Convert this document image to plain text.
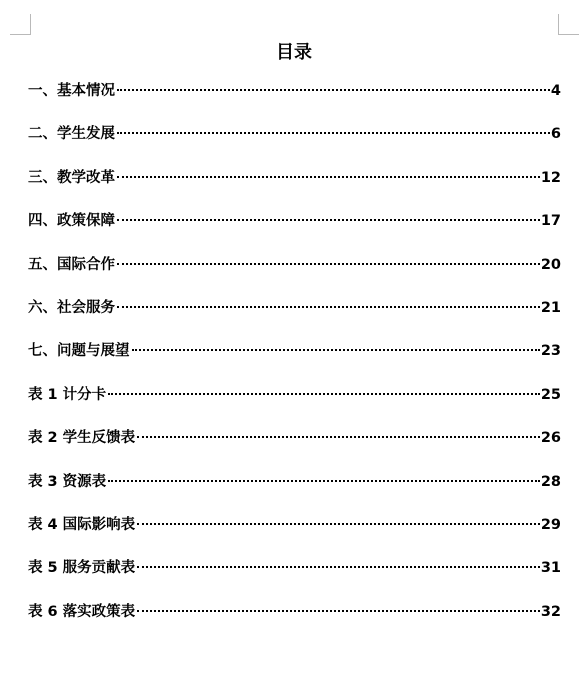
目录
一、基本情况	4
二、学生发展	6
三、教学改革	12
四、政策保障	17
五、国际合作	20
六、社会服务	21
七、问题与展望	23
表 1 计分卡	25
表 2 学生反馈表	26
表 3 资源表	28
表 4 国际影响表	29
表 5 服务贡献表	31
表 6 落实政策表	32
